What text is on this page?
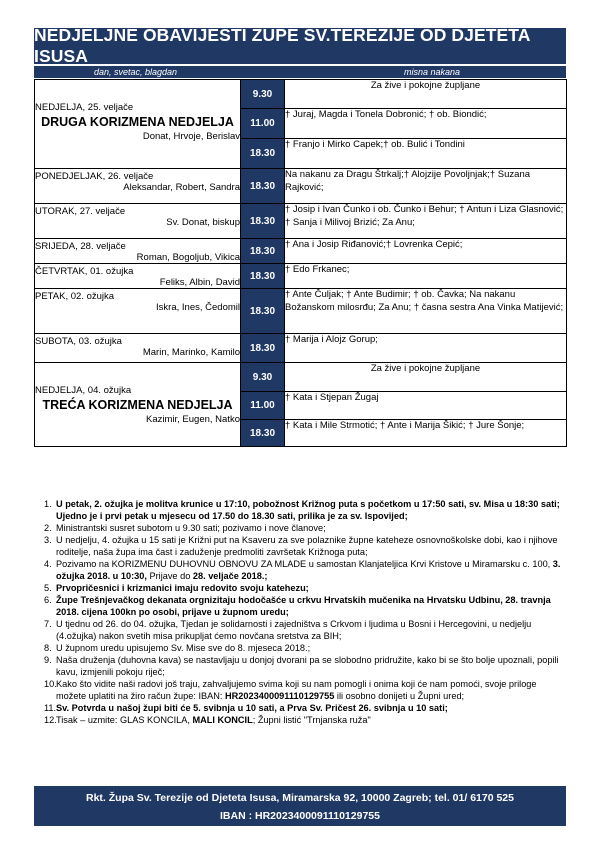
NEDJELJNE OBAVIJESTI ŽUPE SV.TEREZIJE OD DJETETA ISUSA
dan, svetac, blagdan	misna nakana
NEDJELJA, 25. veljače
DRUGA KORIZMENA NEDJELJA
Donat, Hrvoje, Berislav	9.30	Za žive i pokojne župljane
	11.00	† Juraj, Magda i Tonela Dobronić; † ob. Biondić;
	18.30	† Franjo i Mirko Capek;† ob. Bulić i Tondini

PONEDJELJAK, 26. veljače
Aleksandar, Robert, Sandra	18.30	Na nakanu za Dragu Štrkalj;† Alojzije Povoljnjak;† Suzana Rajković;

UTORAK, 27. veljače
Sv. Donat, biskup	18.30	† Josip i Ivan Čunko i ob. Čunko i Behur; † Antun i Liza Glasnović; † Sanja i Milivoj Brizić; Za Anu;

SRIJEDA, 28. veljače
Roman, Bogoljub, Vikica	18.30	† Ana i Josip Riđanović;† Lovrenka Cepić;

ČETVRTAK, 01. ožujka
Feliks, Albin, David	18.30	† Edo Frkanec;

PETAK, 02. ožujka
Iskra, Ines, Čedomil	18.30	† Ante Čuljak; † Ante Budimir; † ob. Čavka; Na nakanu Božanskom milosrđu; Za Anu; † časna sestra Ana Vinka Matijević;

SUBOTA, 03. ožujka
Marin, Marinko, Kamilo	18.30	† Marija i Alojz Gorup;

NEDJELJA, 04. ožujka
TREĆA KORIZMENA NEDJELJA
Kazimir, Eugen, Natko	9.30	Za žive i pokojne župljane
	11.00	† Kata i Stjepan Žugaj
	18.30	† Kata i Mile Strmotić; † Ante i Marija Šikić; † Jure Šonje;
1. U petak, 2. ožujka je molitva krunice u 17:10, pobožnost Križnog puta s početkom u 17:50 sati, sv. Misa u 18:30 sati; Ujedno je i prvi petak u mjesecu od 17.50 do 18.30 sati, prilika je za sv. Ispovijed;
2. Ministrantski susret subotom u 9.30 sati; pozivamo i nove članove;
3. U nedjelju, 4. ožujka u 15 sati je Križni put na Ksaveru za sve polaznike župne kateheze osnovnoškolske dobi, kao i njihove roditelje, naša župa ima čast i zaduženje predmoliti završetak Križnoga puta;
4. Pozivamo na KORIZMENU DUHOVNU OBNOVU ZA MLADE u samostan Klanjateljica Krvi Kristove u Miramarsku c. 100, 3. ožujka 2018. u 10:30, Prijave do 28. veljače 2018.;
5. Prvopričesnici i krizmanici imaju redovito svoju katehezu;
6. Župe Trešnjevačkog dekanata orgnizitaju hodočašće u crkvu Hrvatskih mučenika na Hrvatsku Udbinu, 28. travnja 2018. cijena 100kn po osobi, prijave u župnom uredu;
7. U tjednu od 26. do 04. ožujka, Tjedan je solidarnosti i zajedništva s Crkvom i ljudima u Bosni i Hercegovini, u nedjelju (4.ožujka) nakon svetih misa prikupljat ćemo novčana sretstva za BIH;
8. U župnom uredu upisujemo Sv. Mise sve do 8. mjeseca 2018.;
9. Naša druženja (duhovna kava) se nastavljaju u donjoj dvorani pa se slobodno pridružite, kako bi se što bolje upoznali, popili kavu, izmjenili pokoju riječ;
10. Kako što vidite naši radovi još traju, zahvaljujemo svima koji su nam pomogli i onima koji će nam pomoći, svoje priloge možete uplatiti na žiro račun župe: IBAN: HR2023400091110129755 ili osobno donijeti u Župni ured;
11. Sv. Potvrda u našoj župi biti će 5. svibnja u 10 sati, a Prva Sv. Pričest 26. svibnja u 10 sati;
12. Tisak – uzmite: GLAS KONCILA, MALI KONCIL; Župni listić "Trnjanska ruža"
Rkt. Župa Sv. Terezije od Djeteta Isusa, Miramarska 92, 10000 Zagreb; tel. 01/ 6170 525
IBAN : HR2023400091110129755
